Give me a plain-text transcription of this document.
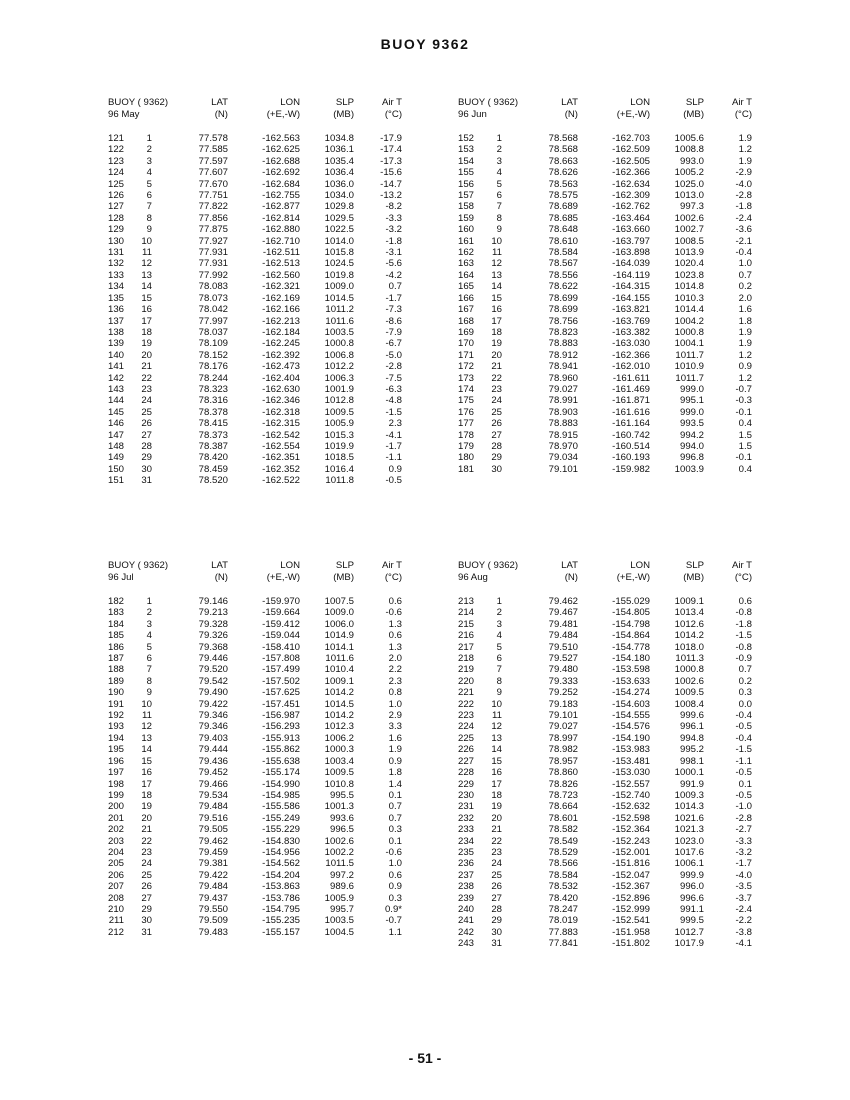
BUOY 9362
BUOY ( 9362)		LAT	LON	SLP	Air T
96 May		(N)	(+E,-W)	(MB)	(°C)

121	1	77.578	-162.563	1034.8	-17.9
122	2	77.585	-162.625	1036.1	-17.4
123	3	77.597	-162.688	1035.4	-17.3
124	4	77.607	-162.692	1036.4	-15.6
125	5	77.670	-162.684	1036.0	-14.7
126	6	77.751	-162.755	1034.0	-13.2
127	7	77.822	-162.877	1029.8	-8.2
128	8	77.856	-162.814	1029.5	-3.3
129	9	77.875	-162.880	1022.5	-3.2
130	10	77.927	-162.710	1014.0	-1.8
131	11	77.931	-162.511	1015.8	-3.1
132	12	77.931	-162.513	1024.5	-5.6
133	13	77.992	-162.560	1019.8	-4.2
134	14	78.083	-162.321	1009.0	0.7
135	15	78.073	-162.169	1014.5	-1.7
136	16	78.042	-162.166	1011.2	-7.3
137	17	77.997	-162.213	1011.6	-8.6
138	18	78.037	-162.184	1003.5	-7.9
139	19	78.109	-162.245	1000.8	-6.7
140	20	78.152	-162.392	1006.8	-5.0
141	21	78.176	-162.473	1012.2	-2.8
142	22	78.244	-162.404	1006.3	-7.5
143	23	78.323	-162.630	1001.9	-6.3
144	24	78.316	-162.346	1012.8	-4.8
145	25	78.378	-162.318	1009.5	-1.5
146	26	78.415	-162.315	1005.9	2.3
147	27	78.373	-162.542	1015.3	-4.1
148	28	78.387	-162.554	1019.9	-1.7
149	29	78.420	-162.351	1018.5	-1.1
150	30	78.459	-162.352	1016.4	0.9
151	31	78.520	-162.522	1011.8	-0.5
BUOY ( 9362)		LAT	LON	SLP	Air T
96 Jun		(N)	(+E,-W)	(MB)	(°C)

152	1	78.568	-162.703	1005.6	1.9
153	2	78.568	-162.509	1008.8	1.2
154	3	78.663	-162.505	993.0	1.9
155	4	78.626	-162.366	1005.2	-2.9
156	5	78.563	-162.634	1025.0	-4.0
157	6	78.575	-162.309	1013.0	-2.8
158	7	78.689	-162.762	997.3	-1.8
159	8	78.685	-163.464	1002.6	-2.4
160	9	78.648	-163.660	1002.7	-3.6
161	10	78.610	-163.797	1008.5	-2.1
162	11	78.584	-163.898	1013.9	-0.4
163	12	78.567	-164.039	1020.4	1.0
164	13	78.556	-164.119	1023.8	0.7
165	14	78.622	-164.315	1014.8	0.2
166	15	78.699	-164.155	1010.3	2.0
167	16	78.699	-163.821	1014.4	1.6
168	17	78.756	-163.769	1004.2	1.8
169	18	78.823	-163.382	1000.8	1.9
170	19	78.883	-163.030	1004.1	1.9
171	20	78.912	-162.366	1011.7	1.2
172	21	78.941	-162.010	1010.9	0.9
173	22	78.960	-161.611	1011.7	1.2
174	23	79.027	-161.469	999.0	-0.7
175	24	78.991	-161.871	995.1	-0.3
176	25	78.903	-161.616	999.0	-0.1
177	26	78.883	-161.164	993.5	0.4
178	27	78.915	-160.742	994.2	1.5
179	28	78.970	-160.514	994.0	1.5
180	29	79.034	-160.193	996.8	-0.1
181	30	79.101	-159.982	1003.9	0.4
BUOY ( 9362)		LAT	LON	SLP	Air T
96 Jul		(N)	(+E,-W)	(MB)	(°C)

182	1	79.146	-159.970	1007.5	0.6
183	2	79.213	-159.664	1009.0	-0.6
184	3	79.328	-159.412	1006.0	1.3
185	4	79.326	-159.044	1014.9	0.6
186	5	79.368	-158.410	1014.1	1.3
187	6	79.446	-157.808	1011.6	2.0
188	7	79.520	-157.499	1010.4	2.2
189	8	79.542	-157.502	1009.1	2.3
190	9	79.490	-157.625	1014.2	0.8
191	10	79.422	-157.451	1014.5	1.0
192	11	79.346	-156.987	1014.2	2.9
193	12	79.346	-156.293	1012.3	3.3
194	13	79.403	-155.913	1006.2	1.6
195	14	79.444	-155.862	1000.3	1.9
196	15	79.436	-155.638	1003.4	0.9
197	16	79.452	-155.174	1009.5	1.8
198	17	79.466	-154.990	1010.8	1.4
199	18	79.534	-154.985	995.5	0.1
200	19	79.484	-155.586	1001.3	0.7
201	20	79.516	-155.249	993.6	0.7
202	21	79.505	-155.229	996.5	0.3
203	22	79.462	-154.830	1002.6	0.1
204	23	79.459	-154.956	1002.2	-0.6
205	24	79.381	-154.562	1011.5	1.0
206	25	79.422	-154.204	997.2	0.6
207	26	79.484	-153.863	989.6	0.9
208	27	79.437	-153.786	1005.9	0.3
210	29	79.550	-154.795	995.7	0.9*
211	30	79.509	-155.235	1003.5	-0.7
212	31	79.483	-155.157	1004.5	1.1
BUOY ( 9362)		LAT	LON	SLP	Air T
96 Aug		(N)	(+E,-W)	(MB)	(°C)

213	1	79.462	-155.029	1009.1	0.6
214	2	79.467	-154.805	1013.4	-0.8
215	3	79.481	-154.798	1012.6	-1.8
216	4	79.484	-154.864	1014.2	-1.5
217	5	79.510	-154.778	1018.0	-0.8
218	6	79.527	-154.180	1011.3	-0.9
219	7	79.480	-153.598	1000.8	0.7
220	8	79.333	-153.633	1002.6	0.2
221	9	79.252	-154.274	1009.5	0.3
222	10	79.183	-154.603	1008.4	0.0
223	11	79.101	-154.555	999.6	-0.4
224	12	79.027	-154.576	996.1	-0.5
225	13	78.997	-154.190	994.8	-0.4
226	14	78.982	-153.983	995.2	-1.5
227	15	78.957	-153.481	998.1	-1.1
228	16	78.860	-153.030	1000.1	-0.5
229	17	78.826	-152.557	991.9	0.1
230	18	78.723	-152.740	1009.3	-0.5
231	19	78.664	-152.632	1014.3	-1.0
232	20	78.601	-152.598	1021.6	-2.8
233	21	78.582	-152.364	1021.3	-2.7
234	22	78.549	-152.243	1023.0	-3.3
235	23	78.529	-152.001	1017.6	-3.2
236	24	78.566	-151.816	1006.1	-1.7
237	25	78.584	-152.047	999.9	-4.0
238	26	78.532	-152.367	996.0	-3.5
239	27	78.420	-152.896	996.6	-3.7
240	28	78.247	-152.999	991.1	-2.4
241	29	78.019	-152.541	999.5	-2.2
242	30	77.883	-151.958	1012.7	-3.8
243	31	77.841	-151.802	1017.9	-4.1
- 51 -
